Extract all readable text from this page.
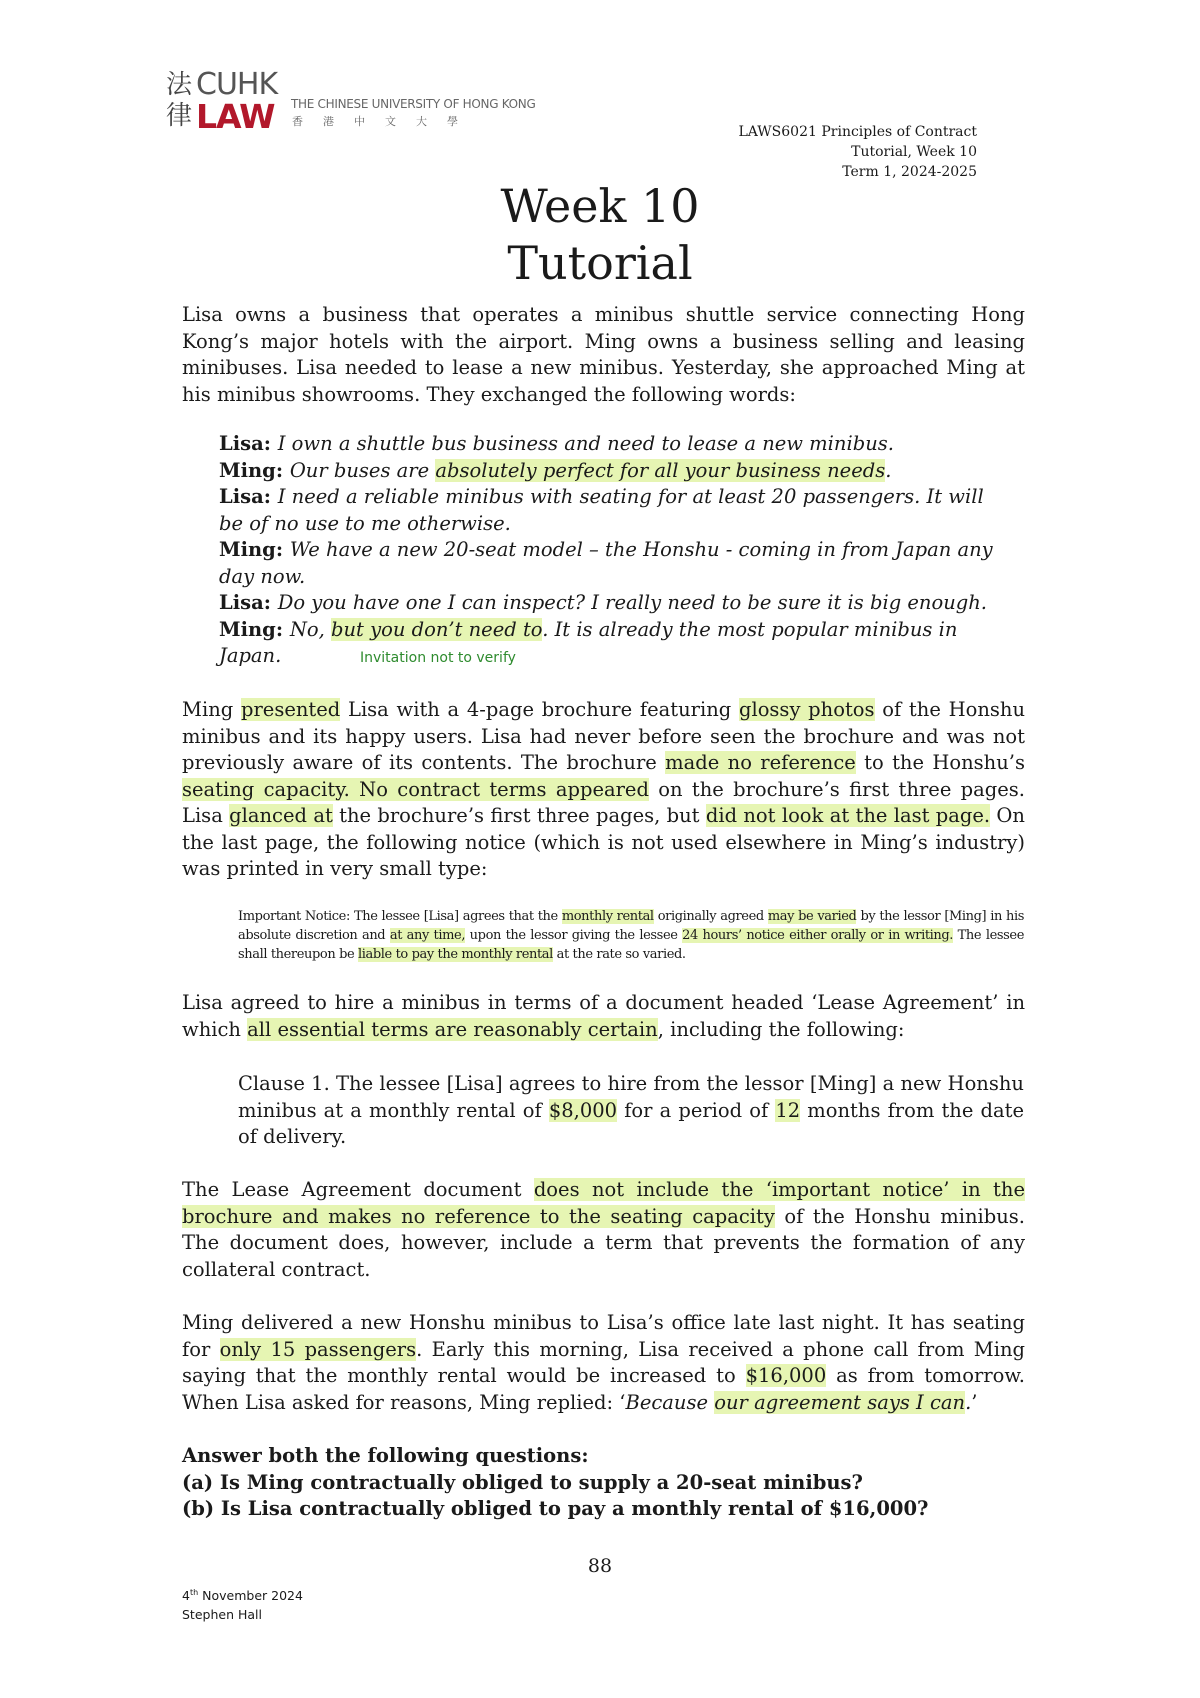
法
律
CUHK
LAW THE CHINESE UNIVERSITY OF HONG KONG
香港中文大學
LAWS6021 Principles of Contract
Tutorial, Week 10
Term 1, 2024-2025
Week 10
Tutorial
Lisa owns a business that operates a minibus shuttle service connecting Hong Kong’s major hotels with the airport. Ming owns a business selling and leasing minibuses. Lisa needed to lease a new minibus. Yesterday, she approached Ming at his minibus showrooms. They exchanged the following words:
Lisa: I own a shuttle bus business and need to lease a new minibus.
Ming: Our buses are absolutely perfect for all your business needs.
Lisa: I need a reliable minibus with seating for at least 20 passengers. It will be of no use to me otherwise.
Ming: We have a new 20-seat model – the Honshu - coming in from Japan any day now.
Lisa: Do you have one I can inspect? I really need to be sure it is big enough.
Ming: No, but you don’t need to. It is already the most popular minibus in Japan.	Invitation not to verify
Ming presented Lisa with a 4-page brochure featuring glossy photos of the Honshu minibus and its happy users. Lisa had never before seen the brochure and was not previously aware of its contents. The brochure made no reference to the Honshu’s seating capacity. No contract terms appeared on the brochure’s first three pages. Lisa glanced at the brochure’s first three pages, but did not look at the last page. On the last page, the following notice (which is not used elsewhere in Ming’s industry) was printed in very small type:
Important Notice: The lessee [Lisa] agrees that the monthly rental originally agreed may be varied by the lessor [Ming] in his absolute discretion and at any time, upon the lessor giving the lessee 24 hours’ notice either orally or in writing. The lessee shall thereupon be liable to pay the monthly rental at the rate so varied.
Lisa agreed to hire a minibus in terms of a document headed ‘Lease Agreement’ in which all essential terms are reasonably certain, including the following:
Clause 1. The lessee [Lisa] agrees to hire from the lessor [Ming] a new Honshu minibus at a monthly rental of $8,000 for a period of 12 months from the date of delivery.
The Lease Agreement document does not include the ‘important notice’ in the brochure and makes no reference to the seating capacity of the Honshu minibus. The document does, however, include a term that prevents the formation of any collateral contract.
Ming delivered a new Honshu minibus to Lisa’s office late last night. It has seating for only 15 passengers. Early this morning, Lisa received a phone call from Ming saying that the monthly rental would be increased to $16,000 as from tomorrow. When Lisa asked for reasons, Ming replied: ‘Because our agreement says I can.’
Answer both the following questions:
(a) Is Ming contractually obliged to supply a 20-seat minibus?
(b) Is Lisa contractually obliged to pay a monthly rental of $16,000?
88
4th November 2024
Stephen Hall
